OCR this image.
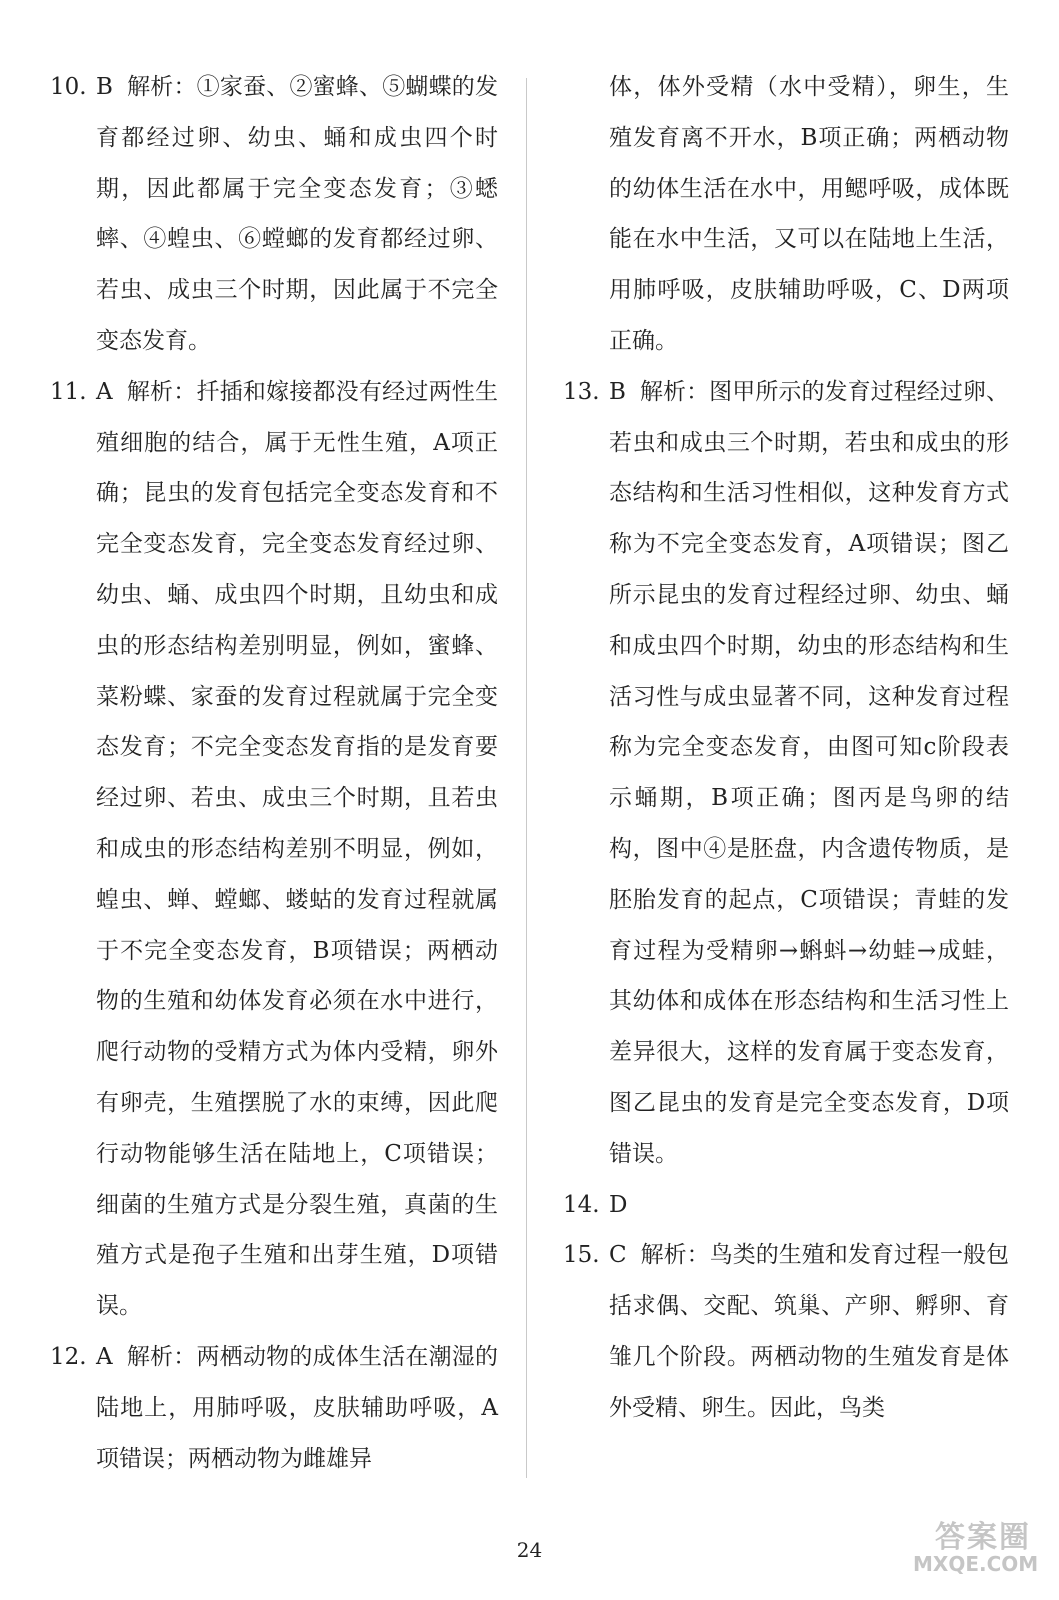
10. B 解析：①家蚕、②蜜蜂、⑤蝴蝶的发育都经过卵、幼虫、蛹和成虫四个时期，因此都属于完全变态发育；③蟋蟀、④蝗虫、⑥螳螂的发育都经过卵、若虫、成虫三个时期，因此属于不完全变态发育。
11. A 解析：扦插和嫁接都没有经过两性生殖细胞的结合，属于无性生殖，A项正确；昆虫的发育包括完全变态发育和不完全变态发育，完全变态发育经过卵、幼虫、蛹、成虫四个时期，且幼虫和成虫的形态结构差别明显，例如，蜜蜂、菜粉蝶、家蚕的发育过程就属于完全变态发育；不完全变态发育指的是发育要经过卵、若虫、成虫三个时期，且若虫和成虫的形态结构差别不明显，例如，蝗虫、蝉、螳螂、蝼蛄的发育过程就属于不完全变态发育，B项错误；两栖动物的生殖和幼体发育必须在水中进行，爬行动物的受精方式为体内受精，卵外有卵壳，生殖摆脱了水的束缚，因此爬行动物能够生活在陆地上，C项错误；细菌的生殖方式是分裂生殖，真菌的生殖方式是孢子生殖和出芽生殖，D项错误。
12. A 解析：两栖动物的成体生活在潮湿的陆地上，用肺呼吸，皮肤辅助呼吸，A项错误；两栖动物为雌雄异
体，体外受精（水中受精），卵生，生殖发育离不开水，B项正确；两栖动物的幼体生活在水中，用鳃呼吸，成体既能在水中生活，又可以在陆地上生活，用肺呼吸，皮肤辅助呼吸，C、D两项正确。
13. B 解析：图甲所示的发育过程经过卵、若虫和成虫三个时期，若虫和成虫的形态结构和生活习性相似，这种发育方式称为不完全变态发育，A项错误；图乙所示昆虫的发育过程经过卵、幼虫、蛹和成虫四个时期，幼虫的形态结构和生活习性与成虫显著不同，这种发育过程称为完全变态发育，由图可知c阶段表示蛹期，B项正确；图丙是鸟卵的结构，图中④是胚盘，内含遗传物质，是胚胎发育的起点，C项错误；青蛙的发育过程为受精卵→蝌蚪→幼蛙→成蛙，其幼体和成体在形态结构和生活习性上差异很大，这样的发育属于变态发育，图乙昆虫的发育是完全变态发育，D项错误。
14. D
15. C 解析：鸟类的生殖和发育过程一般包括求偶、交配、筑巢、产卵、孵卵、育雏几个阶段。两栖动物的生殖发育是体外受精、卵生。因此，鸟类
24	答案圈
MXQE.COM
